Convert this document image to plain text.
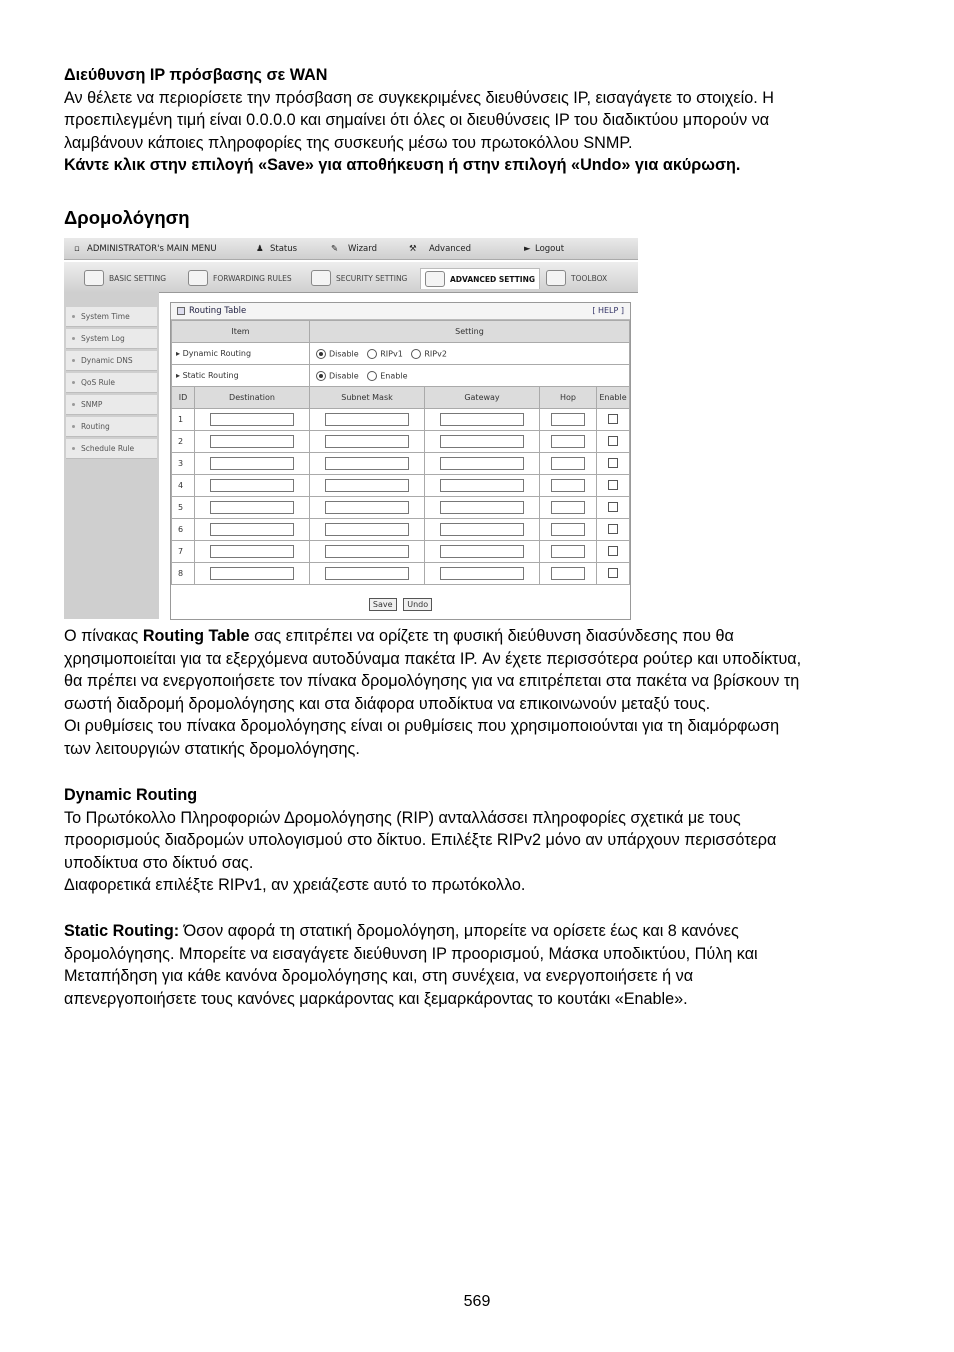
Διεύθυνση IP πρόσβασης σε WAN

Αν θέλετε να περιορίσετε την πρόσβαση σε συγκεκριμένες διευθύνσεις IP, εισαγάγετε το στοιχείο. Η

προεπιλεγμένη τιμή είναι 0.0.0.0 και σημαίνει ότι όλες οι διευθύνσεις IP του διαδικτύου μπορούν να

λαμβάνουν κάποιες πληροφορίες της συσκευής μέσω του πρωτοκόλλου SNMP.

Κάντε κλικ στην επιλογή «Save» για αποθήκευση ή στην επιλογή «Undo» για ακύρωση.

Δρομολόγηση
▫ ADMINISTRATOR's MAIN MENU	♟ Status	✎ Wizard	⚒ Advanced	► Logout
BASIC SETTING	FORWARDING RULES	SECURITY SETTING	ADVANCED SETTING	TOOLBOX
System Time
System Log
Dynamic DNS
QoS Rule
SNMP
Routing
Schedule Rule
Routing Table	[ HELP ]
Item		Setting			
▸ Dynamic Routing		Disable RIPv1 RIPv2			
▸ Static Routing		Disable Enable			
ID	Destination	Subnet Mask	Gateway	Hop	Enable
1	

2	

3	

4	

5	

6	

7	

8	

Save Undo

Ο πίνακας Routing Table σας επιτρέπει να ορίζετε τη φυσική διεύθυνση διασύνδεσης που θα

χρησιμοποιείται για τα εξερχόμενα αυτοδύναμα πακέτα IP. Αν έχετε περισσότερα ρούτερ και υποδίκτυα,

θα πρέπει να ενεργοποιήσετε τον πίνακα δρομολόγησης για να επιτρέπεται στα πακέτα να βρίσκουν τη

σωστή διαδρομή δρομολόγησης και στα διάφορα υποδίκτυα να επικοινωνούν μεταξύ τους.

Οι ρυθμίσεις του πίνακα δρομολόγησης είναι οι ρυθμίσεις που χρησιμοποιούνται για τη διαμόρφωση

των λειτουργιών στατικής δρομολόγησης.

Dynamic Routing

Το Πρωτόκολλο Πληροφοριών Δρομολόγησης (RIP) ανταλλάσσει πληροφορίες σχετικά με τους

προορισμούς διαδρομών υπολογισμού στο δίκτυο. Επιλέξτε RIPv2 μόνο αν υπάρχουν περισσότερα

υποδίκτυα στο δίκτυό σας.

Διαφορετικά επιλέξτε RIPv1, αν χρειάζεστε αυτό το πρωτόκολλο.

Static Routing: Όσον αφορά τη στατική δρομολόγηση, μπορείτε να ορίσετε έως και 8 κανόνες

δρομολόγησης. Μπορείτε να εισαγάγετε διεύθυνση IP προορισμού, Μάσκα υποδικτύου, Πύλη και

Μεταπήδηση για κάθε κανόνα δρομολόγησης και, στη συνέχεια, να ενεργοποιήσετε ή να

απενεργοποιήσετε τους κανόνες μαρκάροντας και ξεμαρκάροντας το κουτάκι «Enable».

569
